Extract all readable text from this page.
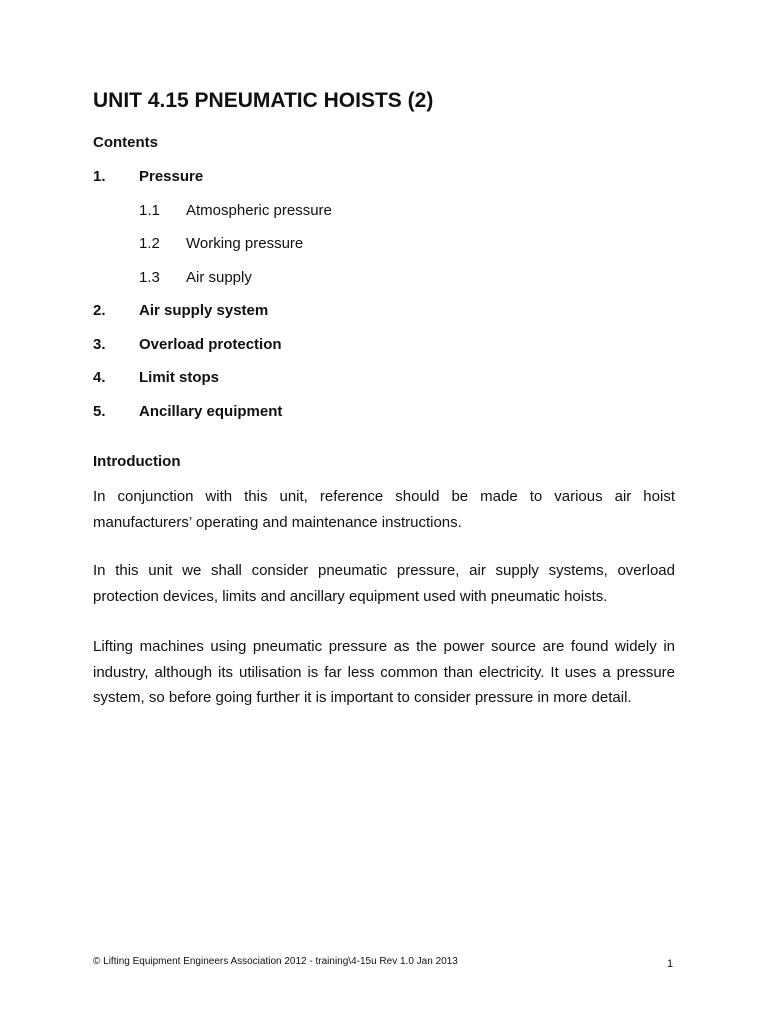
UNIT 4.15 PNEUMATIC HOISTS (2)
Contents
1. Pressure
1.1 Atmospheric pressure
1.2 Working pressure
1.3 Air supply
2. Air supply system
3. Overload protection
4. Limit stops
5. Ancillary equipment
Introduction

In conjunction with this unit, reference should be made to various air hoist manufacturers’ operating and maintenance instructions.

In this unit we shall consider pneumatic pressure, air supply systems, overload protection devices, limits and ancillary equipment used with pneumatic hoists.

Lifting machines using pneumatic pressure as the power source are found widely in industry, although its utilisation is far less common than electricity. It uses a pressure system, so before going further it is important to consider pressure in more detail.

© Lifting Equipment Engineers Association 2012 - training\4-15u Rev 1.0 Jan 2013	1
